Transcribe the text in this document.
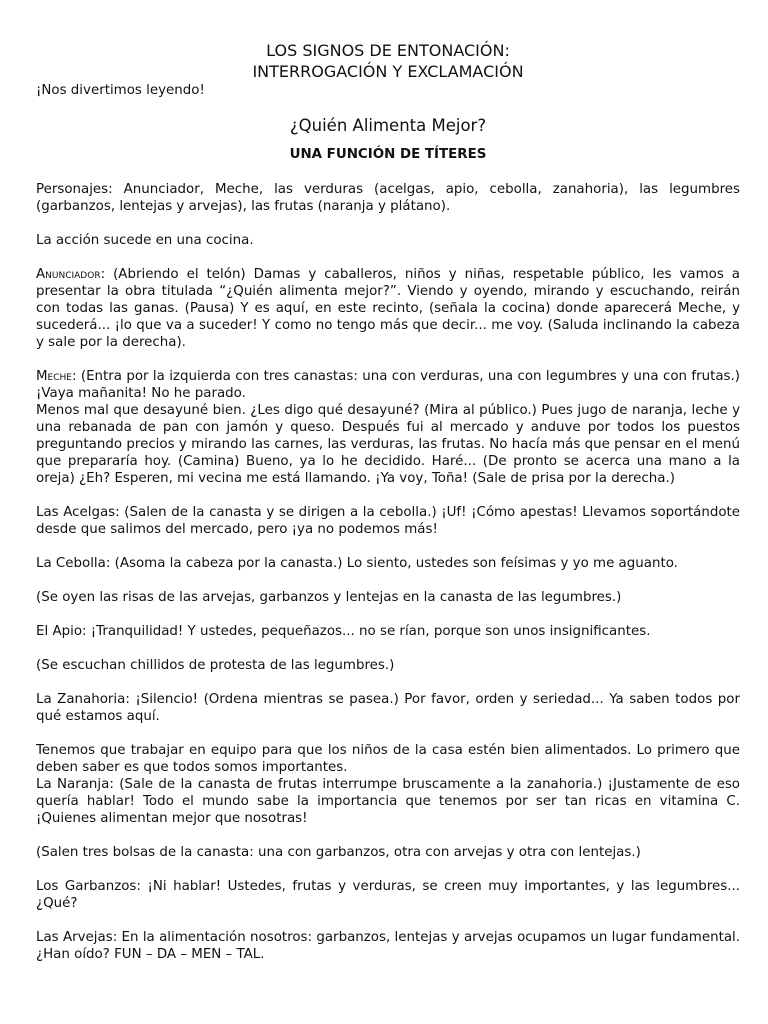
LOS SIGNOS DE ENTONACIÓN:
INTERROGACIÓN Y EXCLAMACIÓN

¡Nos divertimos leyendo!

¿Quién Alimenta Mejor?
UNA FUNCIÓN DE TÍTERES

Personajes: Anunciador, Meche, las verduras (acelgas, apio, cebolla, zanahoria), las legumbres (garbanzos, lentejas y arvejas), las frutas (naranja y plátano).

La acción sucede en una cocina.

Anunciador: (Abriendo el telón) Damas y caballeros, niños y niñas, respetable público, les vamos a presentar la obra titulada “¿Quién alimenta mejor?”. Viendo y oyendo, mirando y escuchando, reirán con todas las ganas. (Pausa) Y es aquí, en este recinto, (señala la cocina) donde aparecerá Meche, y sucederá... ¡lo que va a suceder! Y como no tengo más que decir... me voy. (Saluda inclinando la cabeza y sale por la derecha).

Meche: (Entra por la izquierda con tres canastas: una con verduras, una con legumbres y una con frutas.) ¡Vaya mañanita! No he parado.

Menos mal que desayuné bien. ¿Les digo qué desayuné? (Mira al público.) Pues jugo de naranja, leche y una rebanada de pan con jamón y queso. Después fui al mercado y anduve por todos los puestos preguntando precios y mirando las carnes, las verduras, las frutas. No hacía más que pensar en el menú que prepararía hoy. (Camina) Bueno, ya lo he decidido. Haré... (De pronto se acerca una mano a la oreja) ¿Eh? Esperen, mi vecina me está llamando. ¡Ya voy, Toña! (Sale de prisa por la derecha.)

Las Acelgas: (Salen de la canasta y se dirigen a la cebolla.) ¡Uf! ¡Cómo apestas! Llevamos soportándote desde que salimos del mercado, pero ¡ya no podemos más!

La Cebolla: (Asoma la cabeza por la canasta.) Lo siento, ustedes son feísimas y yo me aguanto.

(Se oyen las risas de las arvejas, garbanzos y lentejas en la canasta de las legumbres.)

El Apio: ¡Tranquilidad! Y ustedes, pequeñazos... no se rían, porque son unos insignificantes.

(Se escuchan chillidos de protesta de las legumbres.)

La Zanahoria: ¡Silencio! (Ordena mientras se pasea.) Por favor, orden y seriedad... Ya saben todos por qué estamos aquí.

Tenemos que trabajar en equipo para que los niños de la casa estén bien alimentados. Lo primero que deben saber es que todos somos importantes.

La Naranja: (Sale de la canasta de frutas interrumpe bruscamente a la zanahoria.) ¡Justamente de eso quería hablar! Todo el mundo sabe la importancia que tenemos por ser tan ricas en vitamina C. ¡Quienes alimentan mejor que nosotras!

(Salen tres bolsas de la canasta: una con garbanzos, otra con arvejas y otra con lentejas.)

Los Garbanzos: ¡Ni hablar! Ustedes, frutas y verduras, se creen muy importantes, y las legumbres... ¿Qué?

Las Arvejas: En la alimentación nosotros: garbanzos, lentejas y arvejas ocupamos un lugar fundamental. ¿Han oído? FUN – DA – MEN – TAL.
